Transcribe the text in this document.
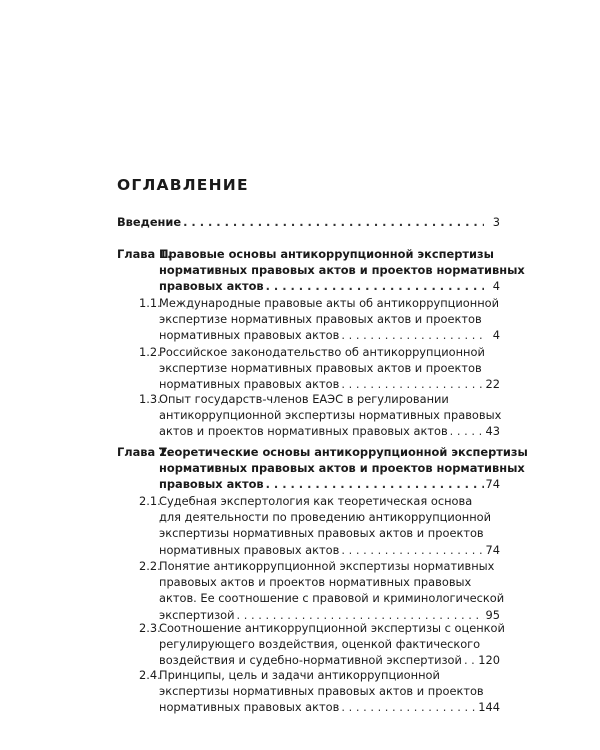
ОГЛАВЛЕНИЕ
Введение . . .	3
Глава 1.
Правовые основы антикоррупционной экспертизы
нормативных правовых актов и проектов нормативных
правовых актов . . .	4
1.1.
Международные правовые акты об антикоррупционной
экспертизе нормативных правовых актов и проектов
нормативных правовых актов . . .	4
1.2.
Российское законодательство об антикоррупционной
экспертизе нормативных правовых актов и проектов
нормативных правовых актов . . .	22
1.3.
Опыт государств-членов ЕАЭС в регулировании
антикоррупционной экспертизы нормативных правовых
актов и проектов нормативных правовых актов . . .	43
Глава 2.
Теоретические основы антикоррупционной экспертизы
нормативных правовых актов и проектов нормативных
правовых актов . . .	74
2.1.
Судебная экспертология как теоретическая основа
для деятельности по проведению антикоррупционной
экспертизы нормативных правовых актов и проектов
нормативных правовых актов . . .	74
2.2.
Понятие антикоррупционной экспертизы нормативных
правовых актов и проектов нормативных правовых
актов. Ее соотношение с правовой и криминологической
экспертизой . . .	95
2.3.
Соотношение антикоррупционной экспертизы с оценкой
регулирующего воздействия, оценкой фактического
воздействия и судебно-нормативной экспертизой . . . 120
2.4.
Принципы, цель и задачи антикоррупционной
экспертизы нормативных правовых актов и проектов
нормативных правовых актов . . .	144
